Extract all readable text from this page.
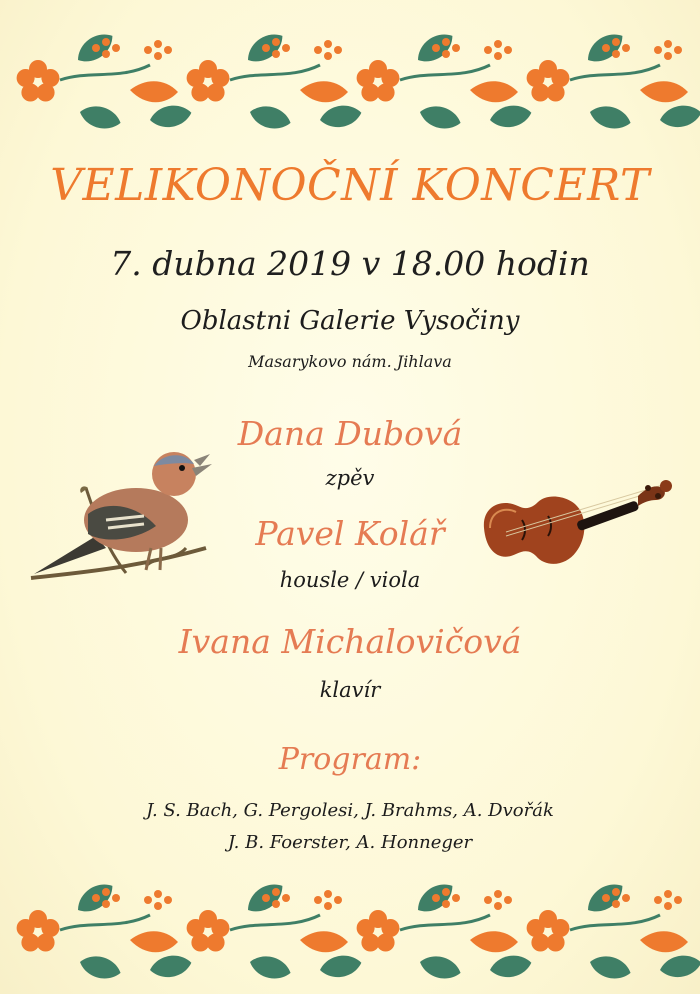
VELIKONOČNÍ KONCERT
7. dubna 2019 v 18.00 hodin
Oblastni Galerie Vysočiny
Masarykovo nám. Jihlava
Dana Dubová
zpěv
Pavel Kolář
housle / viola
Ivana Michalovičová
klavír
Program:
J. S. Bach, G. Pergolesi, J. Brahms, A. Dvořák
J. B. Foerster, A. Honneger
